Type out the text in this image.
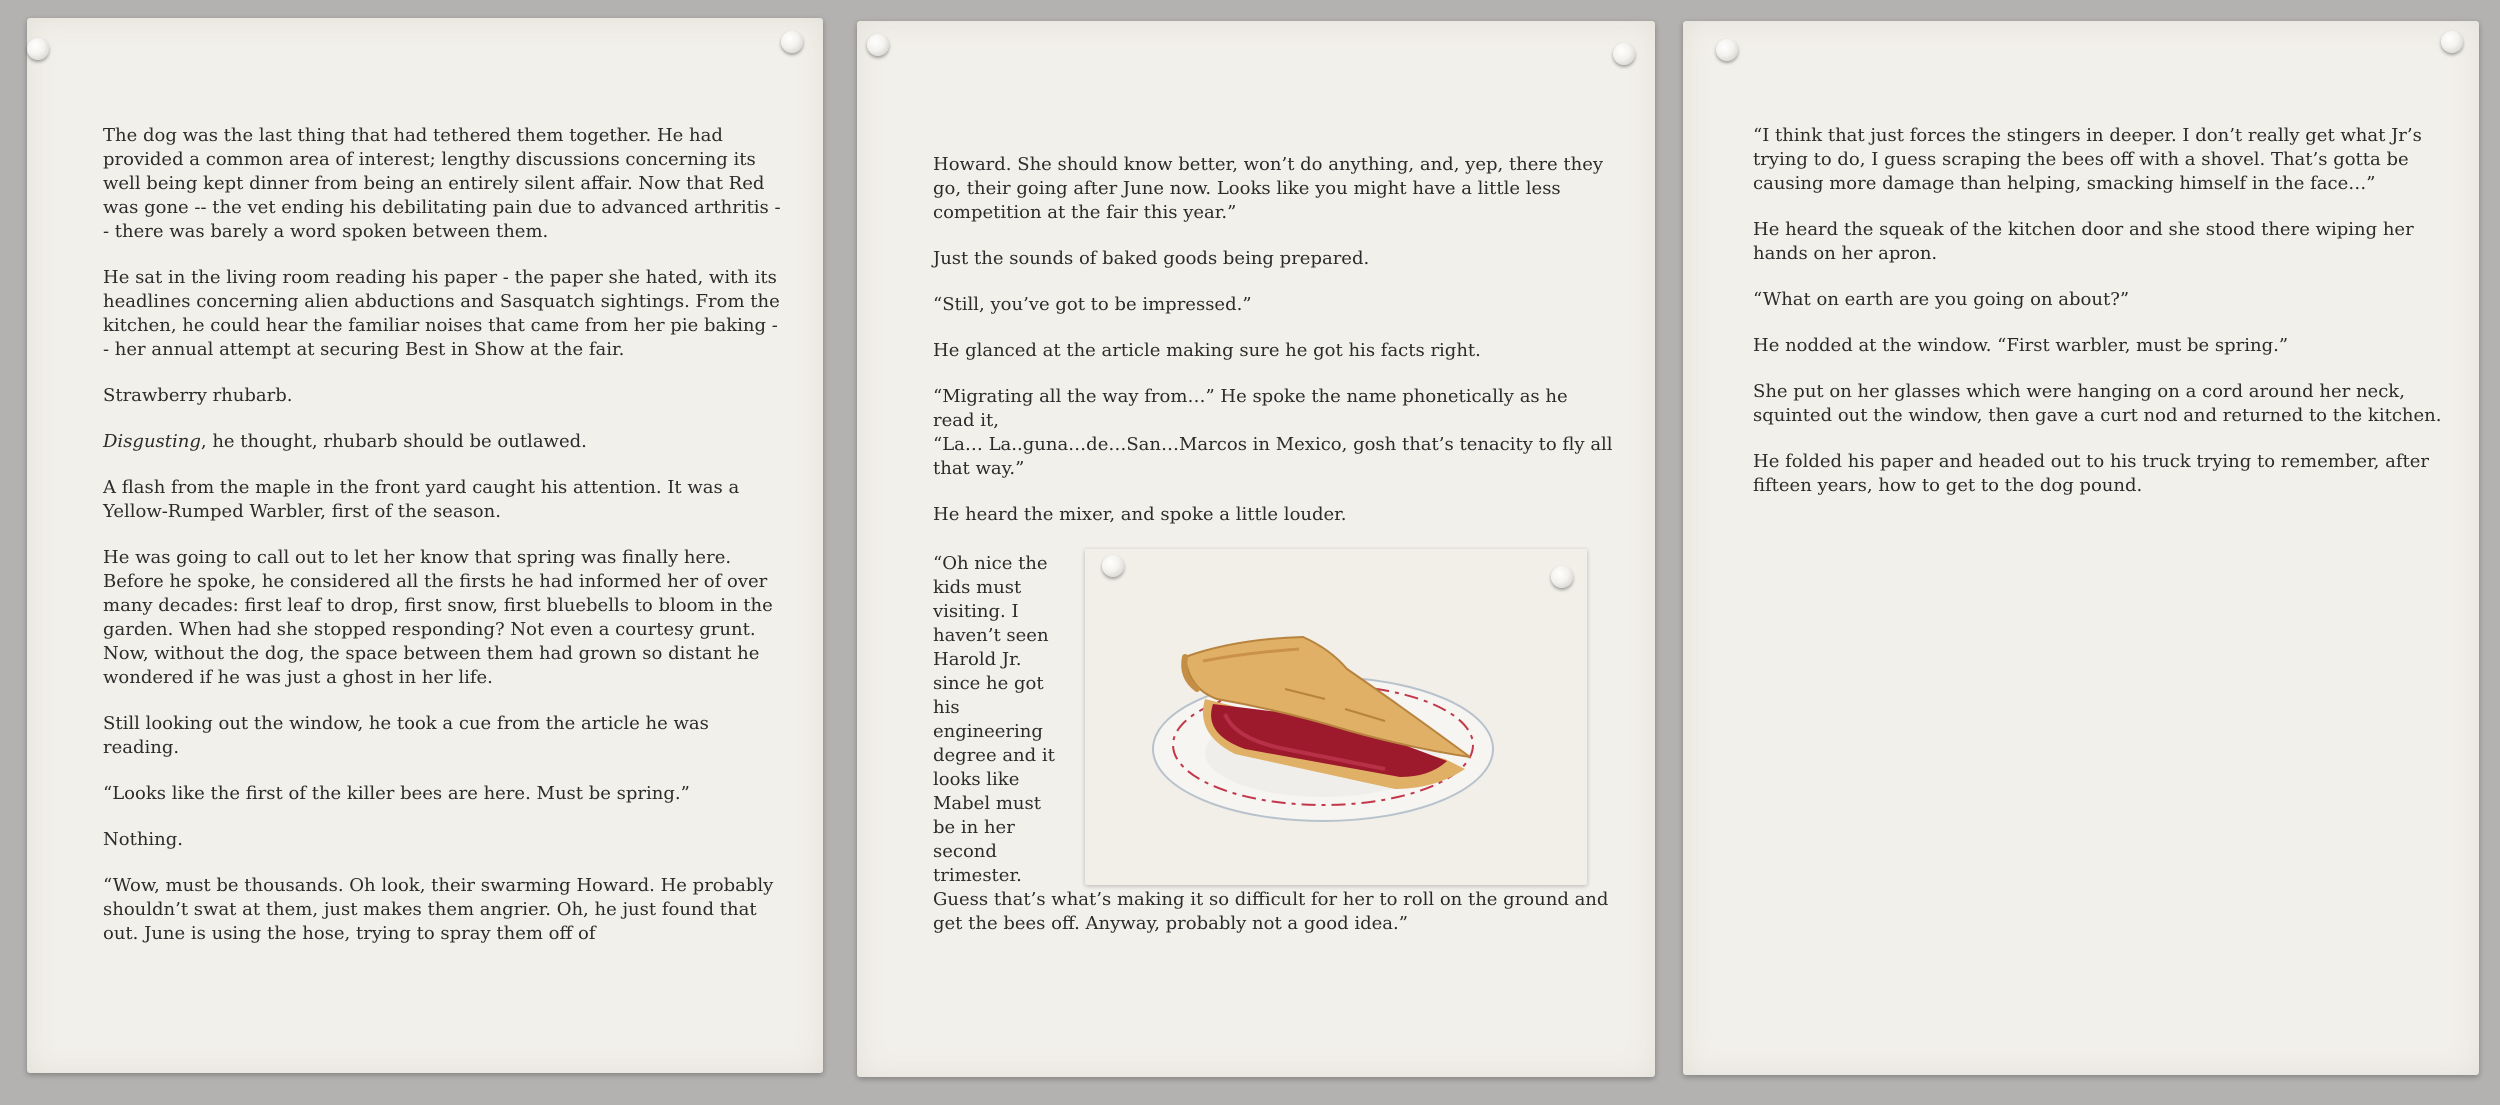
The dog was the last thing that had tethered them together. He had provided a common area of interest; lengthy discussions concerning its well being kept dinner from being an entirely silent affair. Now that Red was gone -- the vet ending his debilitating pain due to advanced arthritis -- there was barely a word spoken between them.

He sat in the living room reading his paper - the paper she hated, with its headlines concerning alien abductions and Sasquatch sightings. From the kitchen, he could hear the familiar noises that came from her pie baking -- her annual attempt at securing Best in Show at the fair.

Strawberry rhubarb.

Disgusting, he thought, rhubarb should be outlawed.

A flash from the maple in the front yard caught his attention. It was a Yellow-Rumped Warbler, first of the season.

He was going to call out to let her know that spring was finally here. Before he spoke, he considered all the firsts he had informed her of over many decades: first leaf to drop, first snow, first bluebells to bloom in the garden. When had she stopped responding? Not even a courtesy grunt. Now, without the dog, the space between them had grown so distant he wondered if he was just a ghost in her life.

Still looking out the window, he took a cue from the article he was reading.

“Looks like the first of the killer bees are here. Must be spring.”

Nothing.

“Wow, must be thousands. Oh look, their swarming Howard. He probably shouldn’t swat at them, just makes them angrier. Oh, he just found that out. June is using the hose, trying to spray them off of

Howard. She should know better, won’t do anything, and, yep, there they go, their going after June now. Looks like you might have a little less competition at the fair this year.”

Just the sounds of baked goods being prepared.

“Still, you’ve got to be impressed.”

He glanced at the article making sure he got his facts right.

“Migrating all the way from…” He spoke the name phonetically as he read it,
“La… La..guna…de…San…Marcos in Mexico, gosh that’s tenacity to fly all that way.”

He heard the mixer, and spoke a little louder.

“Oh nice the
kids must
visiting. I
haven’t seen
Harold Jr.
since he got
his
engineering
degree and it
looks like
Mabel must
be in her
second
trimester.
Guess that’s what’s making it so difficult for her to roll on the ground and get the bees off. Anyway, probably not a good idea.”

“I think that just forces the stingers in deeper. I don’t really get what Jr’s trying to do, I guess scraping the bees off with a shovel. That’s gotta be causing more damage than helping, smacking himself in the face…”

He heard the squeak of the kitchen door and she stood there wiping her hands on her apron.

“What on earth are you going on about?”

He nodded at the window. “First warbler, must be spring.”

She put on her glasses which were hanging on a cord around her neck, squinted out the window, then gave a curt nod and returned to the kitchen.

He folded his paper and headed out to his truck trying to remember, after fifteen years, how to get to the dog pound.
